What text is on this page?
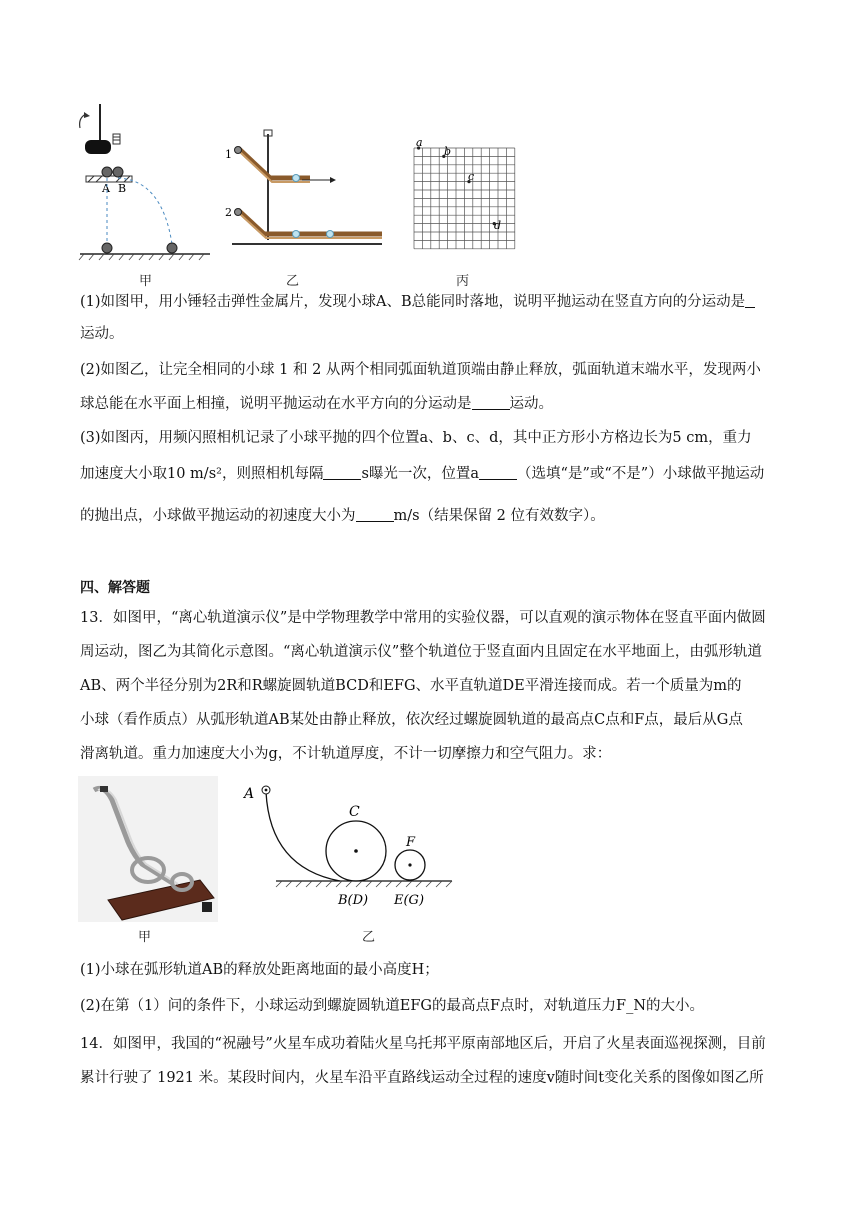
A B
甲
1
2
乙
a
b
c
d
丙
(1)如图甲，用小锤轻击弹性金属片，发现小球A、B总能同时落地，说明平抛运动在竖直方向的分运动是
运动。
(2)如图乙，让完全相同的小球 1 和 2 从两个相同弧面轨道顶端由静止释放，弧面轨道末端水平，发现两小
球总能在水平面上相撞，说明平抛运动在水平方向的分运动是	运动。
(3)如图丙，用频闪照相机记录了小球平抛的四个位置a、b、c、d，其中正方形小方格边长为5 cm，重力
加速度大小取10 m/s²，则照相机每隔	s曝光一次，位置a	（选填“是”或“不是”）小球做平抛运动
的抛出点，小球做平抛运动的初速度大小为	m/s（结果保留 2 位有效数字）。
四、解答题
13．如图甲，“离心轨道演示仪”是中学物理教学中常用的实验仪器，可以直观的演示物体在竖直平面内做圆
周运动，图乙为其简化示意图。“离心轨道演示仪”整个轨道位于竖直面内且固定在水平地面上，由弧形轨道
AB、两个半径分别为2R和R螺旋圆轨道BCD和EFG、水平直轨道DE平滑连接而成。若一个质量为m的
小球（看作质点）从弧形轨道AB某处由静止释放，依次经过螺旋圆轨道的最高点C点和F点，最后从G点
滑离轨道。重力加速度大小为g，不计轨道厚度，不计一切摩擦力和空气阻力。求：
甲
A
C
F
B(D) E(G)
乙
(1)小球在弧形轨道AB的释放处距离地面的最小高度H；
(2)在第（1）问的条件下，小球运动到螺旋圆轨道EFG的最高点F点时，对轨道压力F_N的大小。
14．如图甲，我国的“祝融号”火星车成功着陆火星乌托邦平原南部地区后，开启了火星表面巡视探测，目前
累计行驶了 1921 米。某段时间内，火星车沿平直路线运动全过程的速度v随时间t变化关系的图像如图乙所
